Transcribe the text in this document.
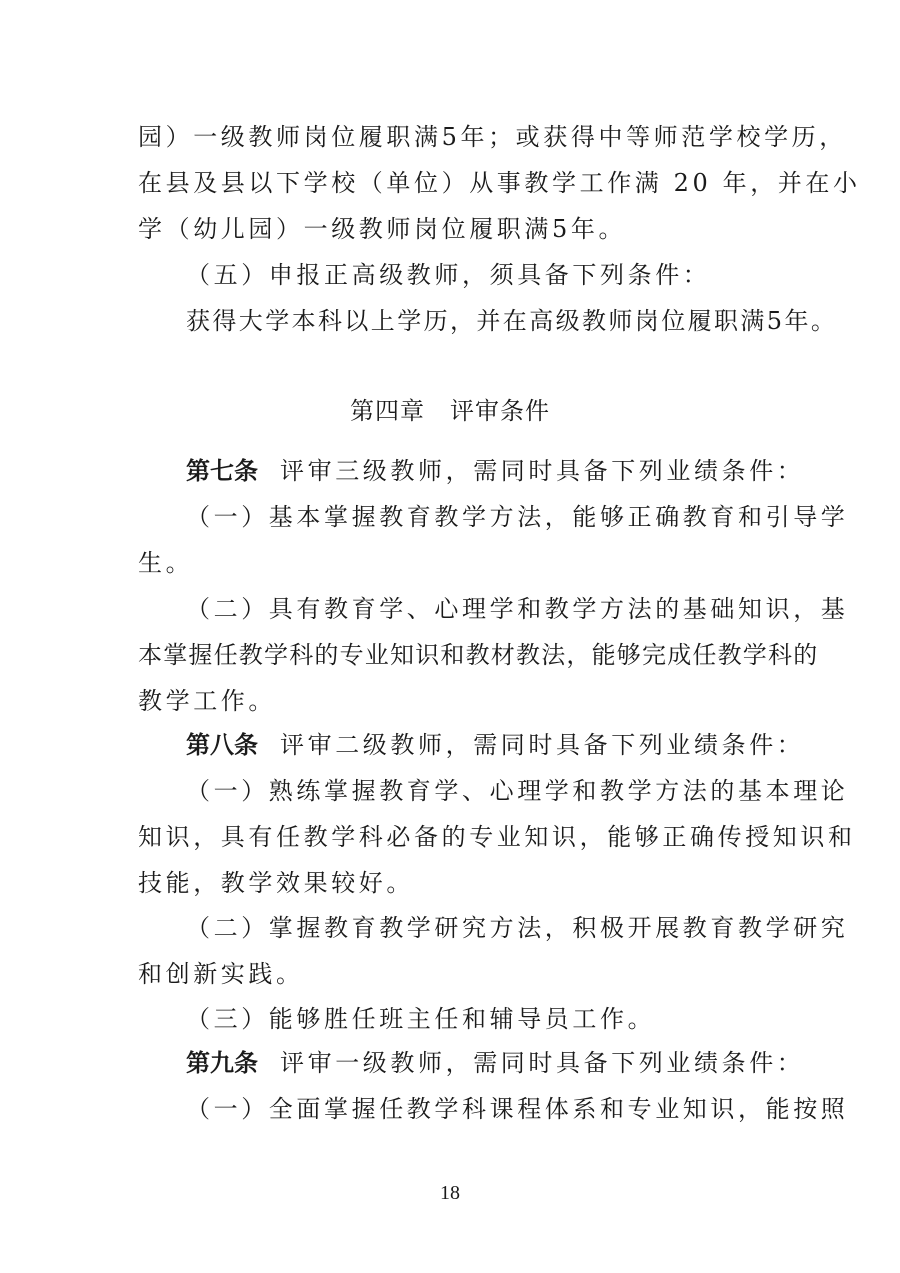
园）一级教师岗位履职满5年；或获得中等师范学校学历，
在县及县以下学校（单位）从事教学工作满 20 年，并在小
学（幼儿园）一级教师岗位履职满5年。
（五）申报正高级教师，须具备下列条件：
获得大学本科以上学历，并在高级教师岗位履职满5年。
第四章　评审条件
第七条 评审三级教师，需同时具备下列业绩条件：
（一）基本掌握教育教学方法，能够正确教育和引导学
生。
（二）具有教育学、心理学和教学方法的基础知识，基
本掌握任教学科的专业知识和教材教法，能够完成任教学科的
教学工作。
第八条 评审二级教师，需同时具备下列业绩条件：
（一）熟练掌握教育学、心理学和教学方法的基本理论
知识，具有任教学科必备的专业知识，能够正确传授知识和
技能，教学效果较好。
（二）掌握教育教学研究方法，积极开展教育教学研究
和创新实践。
（三）能够胜任班主任和辅导员工作。
第九条 评审一级教师，需同时具备下列业绩条件：
（一）全面掌握任教学科课程体系和专业知识，能按照
18
